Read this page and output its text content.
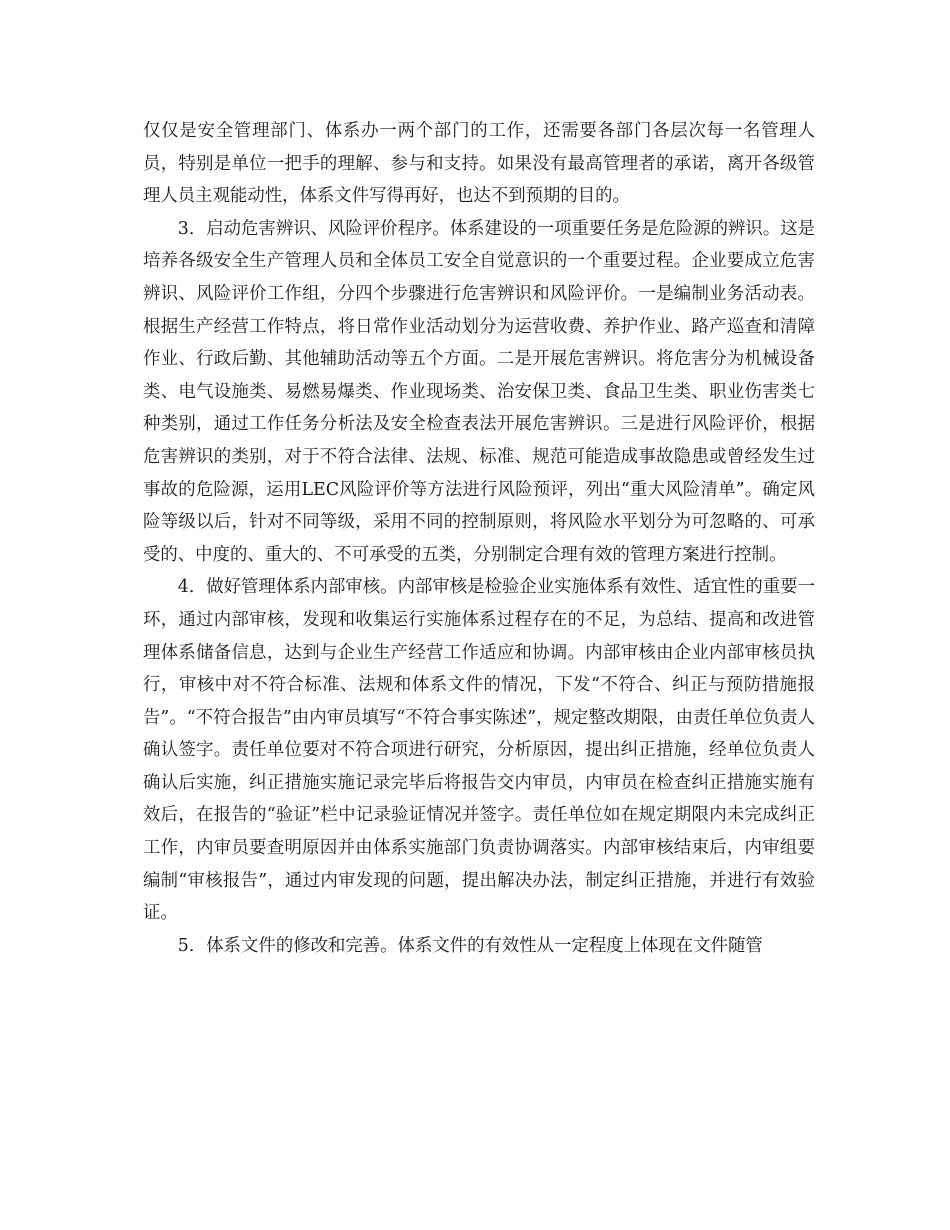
仅仅是安全管理部门、体系办一两个部门的工作，还需要各部门各层次每一名管理人员，特别是单位一把手的理解、参与和支持。如果没有最高管理者的承诺，离开各级管理人员主观能动性，体系文件写得再好，也达不到预期的目的。

3．启动危害辨识、风险评价程序。体系建设的一项重要任务是危险源的辨识。这是培养各级安全生产管理人员和全体员工安全自觉意识的一个重要过程。企业要成立危害辨识、风险评价工作组，分四个步骤进行危害辨识和风险评价。一是编制业务活动表。根据生产经营工作特点，将日常作业活动划分为运营收费、养护作业、路产巡查和清障作业、行政后勤、其他辅助活动等五个方面。二是开展危害辨识。将危害分为机械设备类、电气设施类、易燃易爆类、作业现场类、治安保卫类、食品卫生类、职业伤害类七种类别，通过工作任务分析法及安全检查表法开展危害辨识。三是进行风险评价，根据危害辨识的类别，对于不符合法律、法规、标准、规范可能造成事故隐患或曾经发生过事故的危险源，运用LEC风险评价等方法进行风险预评，列出“重大风险清单”。确定风险等级以后，针对不同等级，采用不同的控制原则，将风险水平划分为可忽略的、可承受的、中度的、重大的、不可承受的五类，分别制定合理有效的管理方案进行控制。

4．做好管理体系内部审核。内部审核是检验企业实施体系有效性、适宜性的重要一环，通过内部审核，发现和收集运行实施体系过程存在的不足，为总结、提高和改进管理体系储备信息，达到与企业生产经营工作适应和协调。内部审核由企业内部审核员执行，审核中对不符合标准、法规和体系文件的情况，下发“不符合、纠正与预防措施报告”。“不符合报告”由内审员填写“不符合事实陈述”，规定整改期限，由责任单位负责人确认签字。责任单位要对不符合项进行研究，分析原因，提出纠正措施，经单位负责人确认后实施，纠正措施实施记录完毕后将报告交内审员，内审员在检查纠正措施实施有效后，在报告的“验证”栏中记录验证情况并签字。责任单位如在规定期限内未完成纠正工作，内审员要查明原因并由体系实施部门负责协调落实。内部审核结束后，内审组要编制“审核报告”，通过内审发现的问题，提出解决办法，制定纠正措施，并进行有效验证。

5．体系文件的修改和完善。体系文件的有效性从一定程度上体现在文件随管
